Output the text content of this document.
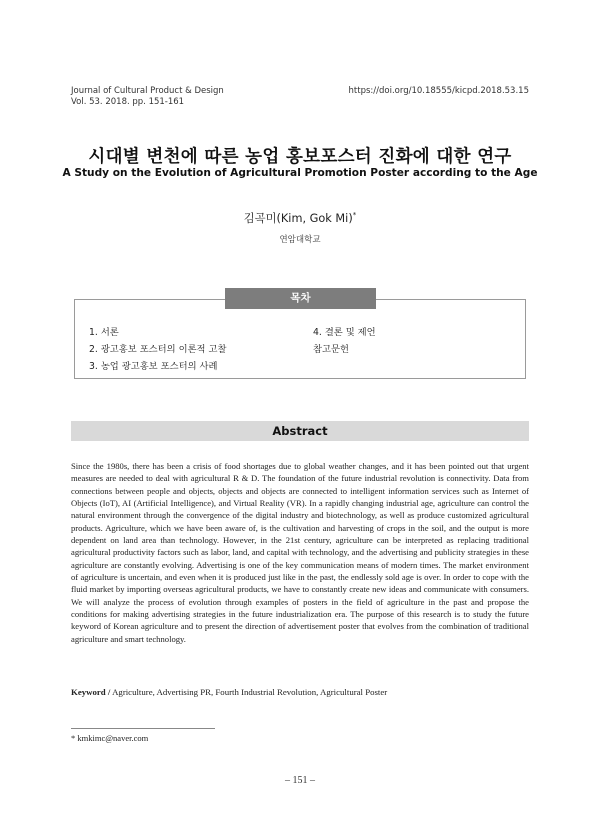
Journal of Cultural Product & Design
Vol. 53. 2018. pp. 151-161
https://doi.org/10.18555/kicpd.2018.53.15
시대별 변천에 따른 농업 홍보포스터 진화에 대한 연구
A Study on the Evolution of Agricultural Promotion Poster according to the Age
김곡미(Kim, Gok Mi)*
연암대학교
목차
1. 서론
2. 광고홍보 포스터의 이론적 고찰
3. 농업 광고홍보 포스터의 사례
4. 결론 및 제언
참고문헌
Abstract

Since the 1980s, there has been a crisis of food shortages due to global weather changes, and it has been pointed out that urgent measures are needed to deal with agricultural R & D. The foundation of the future industrial revolution is connectivity. Data from connections between people and objects, objects and objects are connected to intelligent information services such as Internet of Objects (IoT), AI (Artificial Intelligence), and Virtual Reality (VR). In a rapidly changing industrial age, agriculture can control the natural environment through the convergence of the digital industry and biotechnology, as well as produce customized agricultural products. Agriculture, which we have been aware of, is the cultivation and harvesting of crops in the soil, and the output is more dependent on land area than technology. However, in the 21st century, agriculture can be interpreted as replacing traditional agricultural productivity factors such as labor, land, and capital with technology, and the advertising and publicity strategies in these agriculture are constantly evolving. Advertising is one of the key communication means of modern times. The market environment of agriculture is uncertain, and even when it is produced just like in the past, the endlessly sold age is over. In order to cope with the fluid market by importing overseas agricultural products, we have to constantly create new ideas and communicate with consumers. We will analyze the process of evolution through examples of posters in the field of agriculture in the past and propose the conditions for making advertising strategies in the future industrialization era. The purpose of this research is to study the future keyword of Korean agriculture and to present the direction of advertisement poster that evolves from the combination of traditional agriculture and smart technology.

Keyword / Agriculture, Advertising PR, Fourth Industrial Revolution, Agricultural Poster
* kmkimc@naver.com
– 151 –
